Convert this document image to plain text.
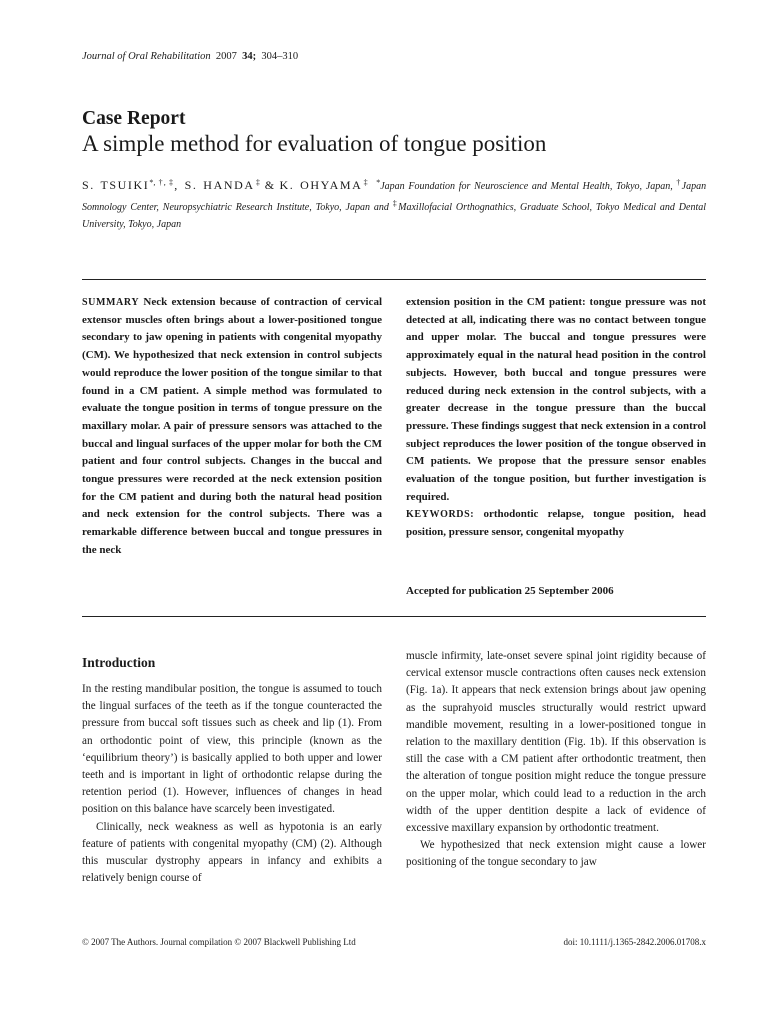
Journal of Oral Rehabilitation 2007 34; 304–310
Case Report
A simple method for evaluation of tongue position
S. TSUIKI*, †, ‡, S. HANDA‡ & K. OHYAMA‡ *Japan Foundation for Neuroscience and Mental Health, Tokyo, Japan, †Japan Somnology Center, Neuropsychiatric Research Institute, Tokyo, Japan and ‡Maxillofacial Orthognathics, Graduate School, Tokyo Medical and Dental University, Tokyo, Japan

SUMMARY Neck extension because of contraction of cervical extensor muscles often brings about a lower-positioned tongue secondary to jaw opening in patients with congenital myopathy (CM). We hypothesized that neck extension in control subjects would reproduce the lower position of the tongue similar to that found in a CM patient. A simple method was formulated to evaluate the tongue position in terms of tongue pressure on the maxillary molar. A pair of pressure sensors was attached to the buccal and lingual surfaces of the upper molar for both the CM patient and four control subjects. Changes in the buccal and tongue pressures were recorded at the neck extension position for the CM patient and during both the natural head position and neck extension for the control subjects. There was a remarkable difference between buccal and tongue pressures in the neck

extension position in the CM patient: tongue pressure was not detected at all, indicating there was no contact between tongue and upper molar. The buccal and tongue pressures were approximately equal in the natural head position in the control subjects. However, both buccal and tongue pressures were reduced during neck extension in the control subjects, with a greater decrease in the tongue pressure than the buccal pressure. These findings suggest that neck extension in a control subject reproduces the lower position of the tongue observed in CM patients. We propose that the pressure sensor enables evaluation of the tongue position, but further investigation is required.

KEYWORDS: orthodontic relapse, tongue position, head position, pressure sensor, congenital myopathy

Accepted for publication 25 September 2006
Introduction

In the resting mandibular position, the tongue is assumed to touch the lingual surfaces of the teeth as if the tongue counteracted the pressure from buccal soft tissues such as cheek and lip (1). From an orthodontic point of view, this principle (known as the ‘equilibrium theory’) is basically applied to both upper and lower teeth and is important in light of orthodontic relapse during the retention period (1). However, influences of changes in head position on this balance have scarcely been investigated.

Clinically, neck weakness as well as hypotonia is an early feature of patients with congenital myopathy (CM) (2). Although this muscular dystrophy appears in infancy and exhibits a relatively benign course of

muscle infirmity, late-onset severe spinal joint rigidity because of cervical extensor muscle contractions often causes neck extension (Fig. 1a). It appears that neck extension brings about jaw opening as the suprahyoid muscles structurally would restrict upward mandible movement, resulting in a lower-positioned tongue in relation to the maxillary dentition (Fig. 1b). If this observation is still the case with a CM patient after orthodontic treatment, then the alteration of tongue position might reduce the tongue pressure on the upper molar, which could lead to a reduction in the arch width of the upper dentition despite a lack of evidence of excessive maxillary expansion by orthodontic treatment.

We hypothesized that neck extension might cause a lower positioning of the tongue secondary to jaw

© 2007 The Authors. Journal compilation © 2007 Blackwell Publishing Ltd	doi: 10.1111/j.1365-2842.2006.01708.x
